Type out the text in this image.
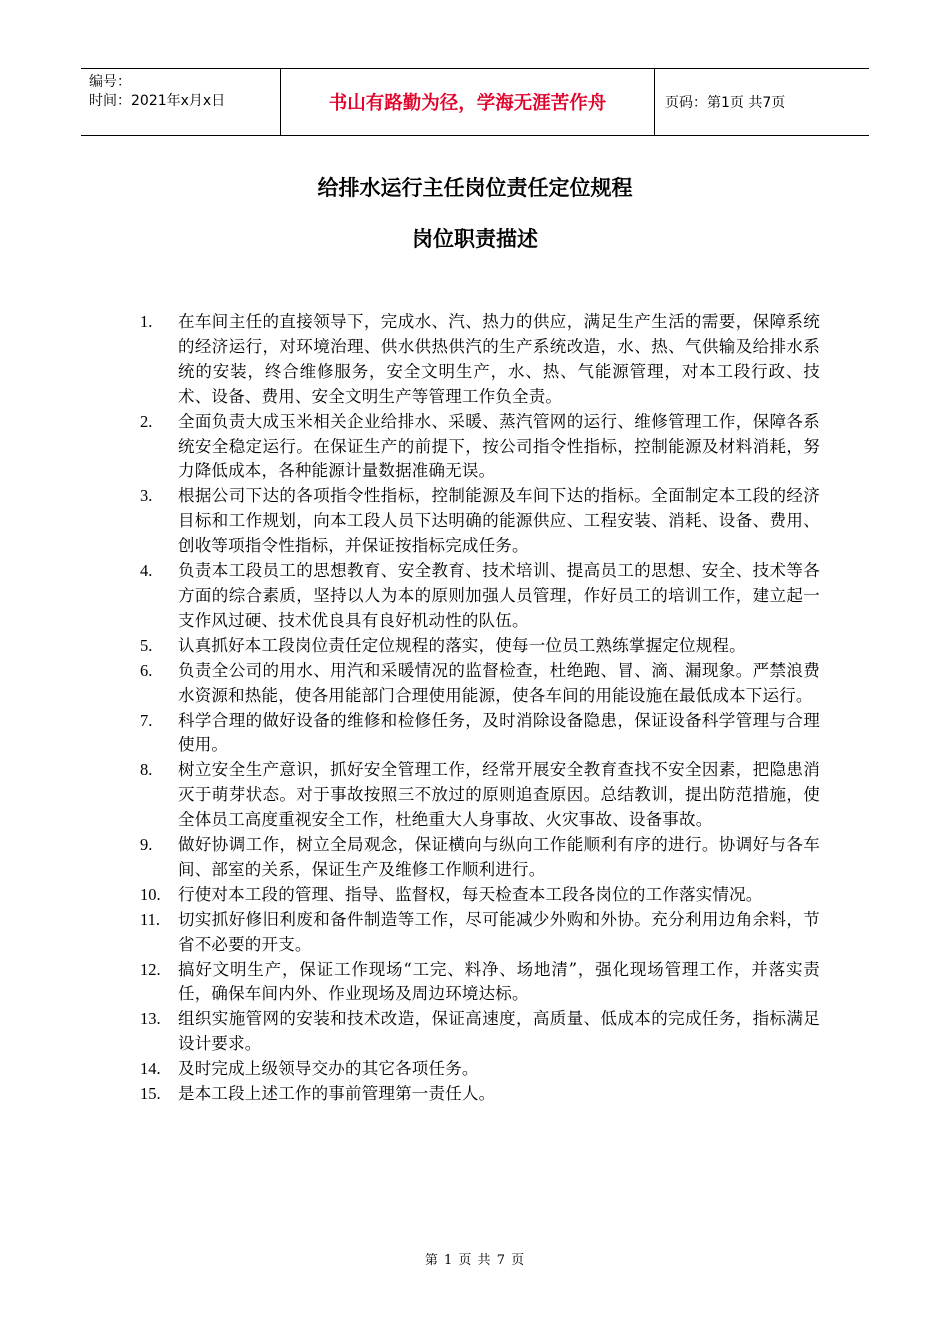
编号：
时间：2021年x月x日	书山有路勤为径，学海无涯苦作舟	页码：第1页 共7页
给排水运行主任岗位责任定位规程
岗位职责描述
1.	在车间主任的直接领导下，完成水、汽、热力的供应，满足生产生活的需要，保障系统的经济运行，对环境治理、供水供热供汽的生产系统改造，水、热、气供输及给排水系统的安装，终合维修服务，安全文明生产，水、热、气能源管理，对本工段行政、技术、设备、费用、安全文明生产等管理工作负全责。
2.	全面负责大成玉米相关企业给排水、采暖、蒸汽管网的运行、维修管理工作，保障各系统安全稳定运行。在保证生产的前提下，按公司指令性指标，控制能源及材料消耗，努力降低成本，各种能源计量数据准确无误。
3.	根据公司下达的各项指令性指标，控制能源及车间下达的指标。全面制定本工段的经济目标和工作规划，向本工段人员下达明确的能源供应、工程安装、消耗、设备、费用、创收等项指令性指标，并保证按指标完成任务。
4.	负责本工段员工的思想教育、安全教育、技术培训、提高员工的思想、安全、技术等各方面的综合素质，坚持以人为本的原则加强人员管理，作好员工的培训工作，建立起一支作风过硬、技术优良具有良好机动性的队伍。
5.	认真抓好本工段岗位责任定位规程的落实，使每一位员工熟练掌握定位规程。
6.	负责全公司的用水、用汽和采暖情况的监督检查，杜绝跑、冒、滴、漏现象。严禁浪费水资源和热能，使各用能部门合理使用能源，使各车间的用能设施在最低成本下运行。
7.	科学合理的做好设备的维修和检修任务，及时消除设备隐患，保证设备科学管理与合理使用。
8.	树立安全生产意识，抓好安全管理工作，经常开展安全教育查找不安全因素，把隐患消灭于萌芽状态。对于事故按照三不放过的原则追查原因。总结教训，提出防范措施，使全体员工高度重视安全工作，杜绝重大人身事故、火灾事故、设备事故。
9.	做好协调工作，树立全局观念，保证横向与纵向工作能顺利有序的进行。协调好与各车间、部室的关系，保证生产及维修工作顺利进行。
10.	行使对本工段的管理、指导、监督权，每天检查本工段各岗位的工作落实情况。
11.	切实抓好修旧利废和备件制造等工作，尽可能减少外购和外协。充分利用边角余料，节省不必要的开支。
12.	搞好文明生产，保证工作现场“工完、料净、场地清”，强化现场管理工作，并落实责任，确保车间内外、作业现场及周边环境达标。
13.	组织实施管网的安装和技术改造，保证高速度，高质量、低成本的完成任务，指标满足设计要求。
14.	及时完成上级领导交办的其它各项任务。
15.	是本工段上述工作的事前管理第一责任人。
第 1 页 共 7 页
